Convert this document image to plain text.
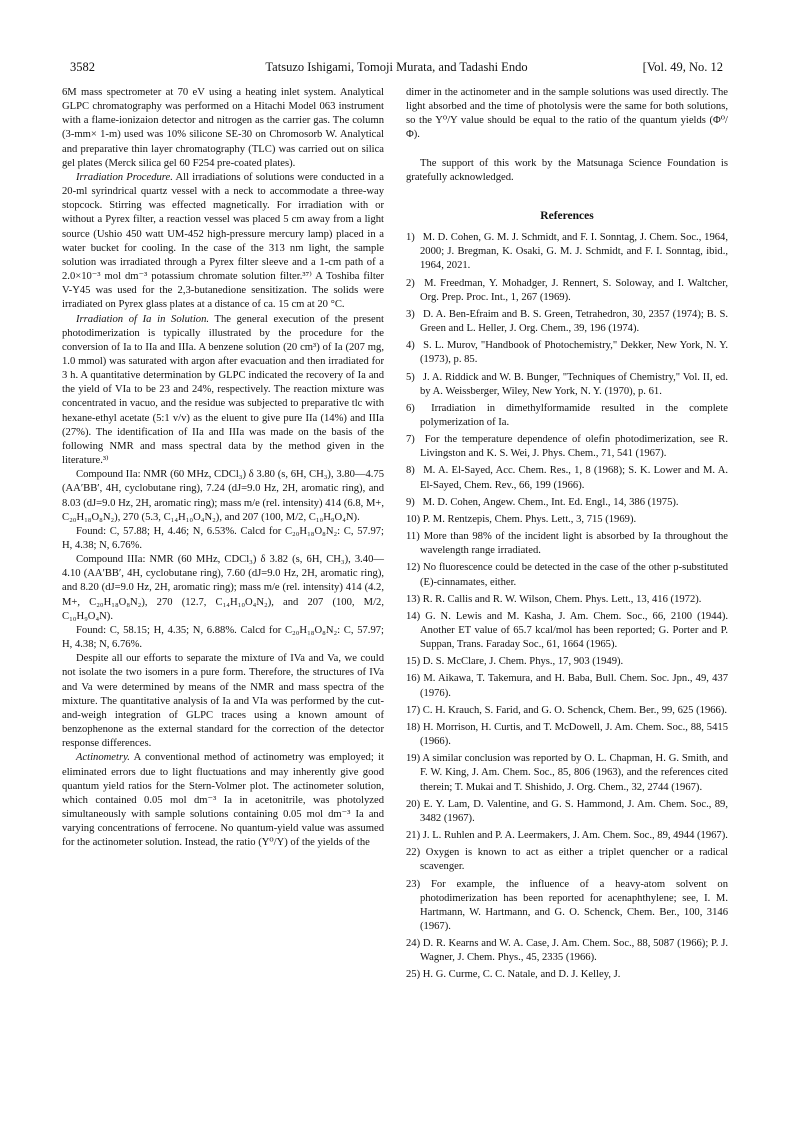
3582	Tatsuzo Ishigami, Tomoji Murata, and Tadashi Endo	[Vol. 49, No. 12

6M mass spectrometer at 70 eV using a heating inlet system. Analytical GLPC chromatography was performed on a Hitachi Model 063 instrument with a flame-ionizaion detector and nitrogen as the carrier gas. The column (3-mm× 1-m) used was 10% silicone SE-30 on Chromosorb W. Analytical and preparative thin layer chromatography (TLC) was carried out on silica gel plates (Merck silica gel 60 F254 pre-coated plates).

Irradiation Procedure. All irradiations of solutions were conducted in a 20-ml syrindrical quartz vessel with a neck to accommodate a three-way stopcock. Stirring was effected magnetically. For irradiation with or without a Pyrex filter, a reaction vessel was placed 5 cm away from a light source (Ushio 450 watt UM-452 high-pressure mercury lamp) placed in a water bucket for cooling. In the case of the 313 nm light, the sample solution was irradiated through a Pyrex filter sleeve and a 1-cm path of a 2.0×10⁻³ mol dm⁻³ potassium chromate solution filter.³⁷⁾ A Toshiba filter V-Y45 was used for the 2,3-butanedione sensitization. The solids were irradiated on Pyrex glass plates at a distance of ca. 15 cm at 20 °C.

Irradiation of Ia in Solution. The general execution of the present photodimerization is typically illustrated by the procedure for the conversion of Ia to IIa and IIIa. A benzene solution (20 cm³) of Ia (207 mg, 1.0 mmol) was saturated with argon after evacuation and then irradiated for 3 h. A quantitative determination by GLPC indicated the recovery of Ia and the yield of VIa to be 23 and 24%, respectively. The reaction mixture was concentrated in vacuo, and the residue was subjected to preparative tlc with hexane-ethyl acetate (5:1 v/v) as the eluent to give pure IIa (14%) and IIIa (27%). The identification of IIa and IIIa was made on the basis of the following NMR and mass spectral data by the method given in the literature.³⁾

Compound IIa: NMR (60 MHz, CDCl₃) δ 3.80 (s, 6H, CH₃), 3.80—4.75 (AA′BB′, 4H, cyclobutane ring), 7.24 (dJ=9.0 Hz, 2H, aromatic ring), and 8.03 (dJ=9.0 Hz, 2H, aromatic ring); mass m/e (rel. intensity) 414 (6.8, M+, C₂₀H₁₈O₈N₂), 270 (5.3, C₁₄H₁₀O₄N₂), and 207 (100, M/2, C₁₀H₉O₄N).

Found: C, 57.88; H, 4.46; N, 6.53%. Calcd for C₂₀H₁₈O₈N₂: C, 57.97; H, 4.38; N, 6.76%.

Compound IIIa: NMR (60 MHz, CDCl₃) δ 3.82 (s, 6H, CH₃), 3.40—4.10 (AA′BB′, 4H, cyclobutane ring), 7.60 (dJ=9.0 Hz, 2H, aromatic ring), and 8.20 (dJ=9.0 Hz, 2H, aromatic ring); mass m/e (rel. intensity) 414 (4.2, M+, C₂₀H₁₈O₈N₂), 270 (12.7, C₁₄H₁₀O₄N₂), and 207 (100, M/2, C₁₀H₉O₄N).

Found: C, 58.15; H, 4.35; N, 6.88%. Calcd for C₂₀H₁₈O₈N₂: C, 57.97; H, 4.38; N, 6.76%.

Despite all our efforts to separate the mixture of IVa and Va, we could not isolate the two isomers in a pure form. Therefore, the structures of IVa and Va were determined by means of the NMR and mass spectra of the mixture. The quantitative analysis of Ia and VIa was performed by the cut-and-weigh integration of GLPC traces using a known amount of benzophenone as the external standard for the correction of the detector response differences.

Actinometry. A conventional method of actinometry was employed; it eliminated errors due to light fluctuations and may inherently give good quantum yield ratios for the Stern-Volmer plot. The actinometer solution, which contained 0.05 mol dm⁻³ Ia in acetonitrile, was photolyzed simultaneously with sample solutions containing 0.05 mol dm⁻³ Ia and varying concentrations of ferrocene. No quantum-yield value was assumed for the actinometer solution. Instead, the ratio (Y⁰/Y) of the yields of the

dimer in the actinometer and in the sample solutions was used directly. The light absorbed and the time of photolysis were the same for both solutions, so the Y⁰/Y value should be equal to the ratio of the quantum yields (Φ⁰/Φ).

The support of this work by the Matsunaga Science Foundation is gratefully acknowledged.

References

1) M. D. Cohen, G. M. J. Schmidt, and F. I. Sonntag, J. Chem. Soc., 1964, 2000; J. Bregman, K. Osaki, G. M. J. Schmidt, and F. I. Sonntag, ibid., 1964, 2021.

2) M. Freedman, Y. Mohadger, J. Rennert, S. Soloway, and I. Waltcher, Org. Prep. Proc. Int., 1, 267 (1969).

3) D. A. Ben-Efraim and B. S. Green, Tetrahedron, 30, 2357 (1974); B. S. Green and L. Heller, J. Org. Chem., 39, 196 (1974).

4) S. L. Murov, "Handbook of Photochemistry," Dekker, New York, N. Y. (1973), p. 85.

5) J. A. Riddick and W. B. Bunger, "Techniques of Chemistry," Vol. II, ed. by A. Weissberger, Wiley, New York, N. Y. (1970), p. 61.

6) Irradiation in dimethylformamide resulted in the complete polymerization of Ia.

7) For the temperature dependence of olefin photodimerization, see R. Livingston and K. S. Wei, J. Phys. Chem., 71, 541 (1967).

8) M. A. El-Sayed, Acc. Chem. Res., 1, 8 (1968); S. K. Lower and M. A. El-Sayed, Chem. Rev., 66, 199 (1966).

9) M. D. Cohen, Angew. Chem., Int. Ed. Engl., 14, 386 (1975).

10) P. M. Rentzepis, Chem. Phys. Lett., 3, 715 (1969).

11) More than 98% of the incident light is absorbed by Ia throughout the wavelength range irradiated.

12) No fluorescence could be detected in the case of the other p-substituted (E)-cinnamates, either.

13) R. R. Callis and R. W. Wilson, Chem. Phys. Lett., 13, 416 (1972).

14) G. N. Lewis and M. Kasha, J. Am. Chem. Soc., 66, 2100 (1944). Another ET value of 65.7 kcal/mol has been reported; G. Porter and P. Suppan, Trans. Faraday Soc., 61, 1664 (1965).

15) D. S. McClare, J. Chem. Phys., 17, 903 (1949).

16) M. Aikawa, T. Takemura, and H. Baba, Bull. Chem. Soc. Jpn., 49, 437 (1976).

17) C. H. Krauch, S. Farid, and G. O. Schenck, Chem. Ber., 99, 625 (1966).

18) H. Morrison, H. Curtis, and T. McDowell, J. Am. Chem. Soc., 88, 5415 (1966).

19) A similar conclusion was reported by O. L. Chapman, H. G. Smith, and F. W. King, J. Am. Chem. Soc., 85, 806 (1963), and the references cited therein; T. Mukai and T. Shishido, J. Org. Chem., 32, 2744 (1967).

20) E. Y. Lam, D. Valentine, and G. S. Hammond, J. Am. Chem. Soc., 89, 3482 (1967).

21) J. L. Ruhlen and P. A. Leermakers, J. Am. Chem. Soc., 89, 4944 (1967).

22) Oxygen is known to act as either a triplet quencher or a radical scavenger.

23) For example, the influence of a heavy-atom solvent on photodimerization has been reported for acenaphthylene; see, I. M. Hartmann, W. Hartmann, and G. O. Schenck, Chem. Ber., 100, 3146 (1967).

24) D. R. Kearns and W. A. Case, J. Am. Chem. Soc., 88, 5087 (1966); P. J. Wagner, J. Chem. Phys., 45, 2335 (1966).

25) H. G. Curme, C. C. Natale, and D. J. Kelley, J.
